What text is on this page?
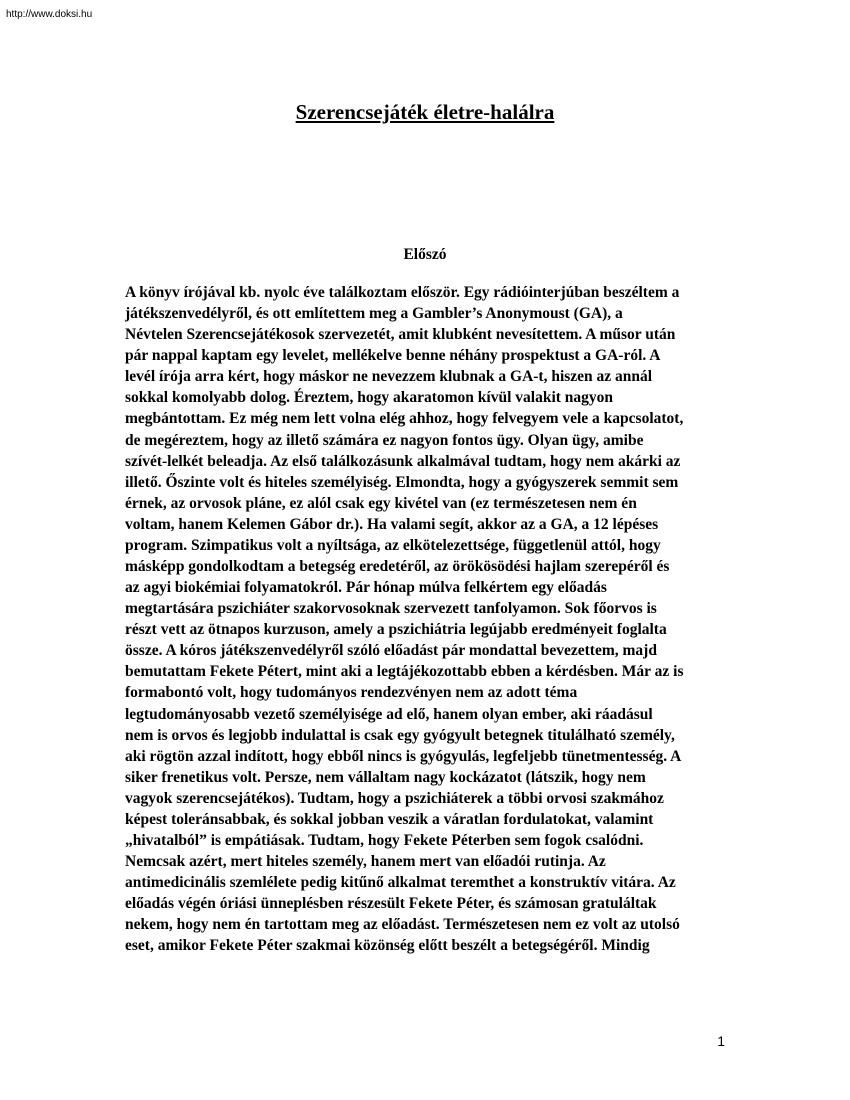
http://www.doksi.hu
Szerencsejáték életre-halálra
Előszó
A könyv írójával kb. nyolc éve találkoztam először. Egy rádióinterjúban beszéltem a
játékszenvedélyről, és ott említettem meg a Gambler’s Anonymoust (GA), a
Névtelen Szerencsejátékosok szervezetét, amit klubként nevesítettem. A műsor után
pár nappal kaptam egy levelet, mellékelve benne néhány prospektust a GA-ról. A
levél írója arra kért, hogy máskor ne nevezzem klubnak a GA-t, hiszen az annál
sokkal komolyabb dolog. Éreztem, hogy akaratomon kívül valakit nagyon
megbántottam. Ez még nem lett volna elég ahhoz, hogy felvegyem vele a kapcsolatot,
de megéreztem, hogy az illető számára ez nagyon fontos ügy. Olyan ügy, amibe
szívét-lelkét beleadja. Az első találkozásunk alkalmával tudtam, hogy nem akárki az
illető. Őszinte volt és hiteles személyiség. Elmondta, hogy a gyógyszerek semmit sem
érnek, az orvosok pláne, ez alól csak egy kivétel van (ez természetesen nem én
voltam, hanem Kelemen Gábor dr.). Ha valami segít, akkor az a GA, a 12 lépéses
program. Szimpatikus volt a nyíltsága, az elkötelezettsége, függetlenül attól, hogy
másképp gondolkodtam a betegség eredetéről, az örökösödési hajlam szerepéről és
az agyi biokémiai folyamatokról. Pár hónap múlva felkértem egy előadás
megtartására pszichiáter szakorvosoknak szervezett tanfolyamon. Sok főorvos is
részt vett az ötnapos kurzuson, amely a pszichiátria legújabb eredményeit foglalta
össze. A kóros játékszenvedélyről szóló előadást pár mondattal bevezettem, majd
bemutattam Fekete Pétert, mint aki a legtájékozottabb ebben a kérdésben. Már az is
formabontó volt, hogy tudományos rendezvényen nem az adott téma
legtudományosabb vezető személyisége ad elő, hanem olyan ember, aki ráadásul
nem is orvos és legjobb indulattal is csak egy gyógyult betegnek titulálható személy,
aki rögtön azzal indított, hogy ebből nincs is gyógyulás, legfeljebb tünetmentesség. A
siker frenetikus volt. Persze, nem vállaltam nagy kockázatot (látszik, hogy nem
vagyok szerencsejátékos). Tudtam, hogy a pszichiáterek a többi orvosi szakmához
képest toleránsabbak, és sokkal jobban veszik a váratlan fordulatokat, valamint
„hivatalból” is empátiásak. Tudtam, hogy Fekete Péterben sem fogok csalódni.
Nemcsak azért, mert hiteles személy, hanem mert van előadói rutinja. Az
antimedicinális szemlélete pedig kitűnő alkalmat teremthet a konstruktív vitára. Az
előadás végén óriási ünneplésben részesült Fekete Péter, és számosan gratuláltak
nekem, hogy nem én tartottam meg az előadást. Természetesen nem ez volt az utolsó
eset, amikor Fekete Péter szakmai közönség előtt beszélt a betegségéről. Mindig
1
